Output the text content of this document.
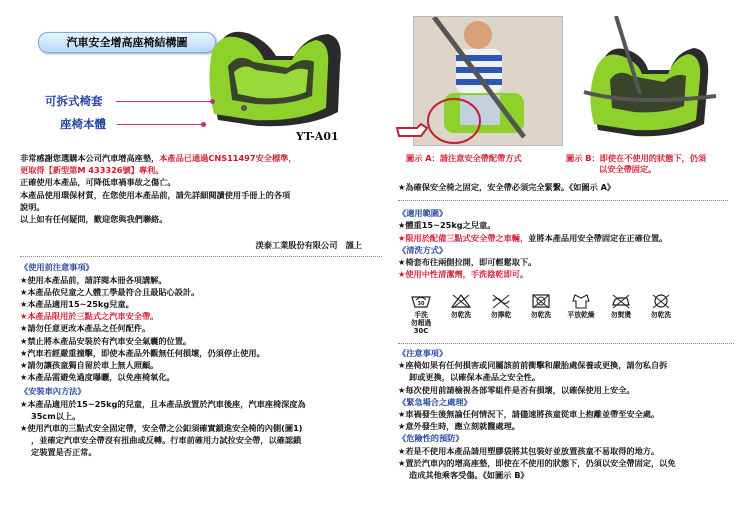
汽車安全增高座椅結構圖
可拆式椅套
座椅本體
YT-A01

非常感謝您選購本公司汽車增高座墊，本產品已通過CNS11497安全標準，

更取得【新型第M 433326號】專利。

正確使用本產品，可降低車禍事故之傷亡。

本產品使用環保材質，在您使用本產品前，請先詳細閱讀使用手冊上的各項

說明。

以上如有任何疑問，歡迎您與我們聯絡。

渼泰工業股份有限公司　謹上

《使用前注意事項》

★使用本產品前，請詳閱本冊各項講解。

★本產品依兒童之人體工學最符合且最貼心設計。

★本產品適用15~25kg兒童。

★本產品限用於三點式之汽車安全帶。

★請勿任意更改本產品之任何配件。

★禁止將本產品安裝於有汽車安全氣囊的位置。

★汽車若經嚴重撞擊，即使本產品外觀無任何損壞，仍須停止使用。

★請勿讓孩童獨自留於車上無人照顧。

★本產品需避免過度曝曬，以免座椅氧化。

《安裝車內方法》

★本產品適用於15~25kg的兒童，且本產品放置於汽車後座，汽車座椅深度為

35cm以上。

★使用汽車的三點式安全固定帶，安全帶之公釦須確實鎖進安全椅的內側(圖1)

，並確定汽車安全帶沒有扭曲或反轉。行車前確用力試拉安全帶，以確認鎖

定裝置是否正常。

圖示 A：請注意安全帶配帶方式	圖示 B：即使在不使用的狀態下，仍須
以安全帶固定。

★為確保安全椅之固定，安全帶必須完全緊繫。《如圖示 A》

《適用範圍》

★體重15~25kg之兒童。

★限用於配備三點式安全帶之車輛，並將本產品用安全帶固定在正確位置。

《清洗方式》

★椅套布往兩側拉開，即可輕鬆取下。

★使用中性清潔劑，手洗陰乾即可。

30
手洗
勿超過30C
勿乾洗	勿擰乾	勿乾洗	平放乾燥	勿熨燙	勿乾洗

《注意事項》

★座椅如果有任何損害或同屬該前前衝擊和嚴胎處保養或更換，請勿私自拆

卸或更換，以確保本產品之安全性。

★每次使用前請檢視各部零組件是否有損壞，以確保使用上安全。

《緊急場合之處理》

★車禍發生後無論任何情況下，請儘速將孩童從車上抱離並帶至安全處。

★意外發生時，應立刻就醫處理。

《危險性的預防》

★若是不使用本產品請用塑膠袋將其包裝好並放置孩童不易取得的地方。

★置於汽車內的增高座墊，即使在不使用的狀態下，仍須以安全帶固定，以免

造成其他乘客受傷。《如圖示 B》
